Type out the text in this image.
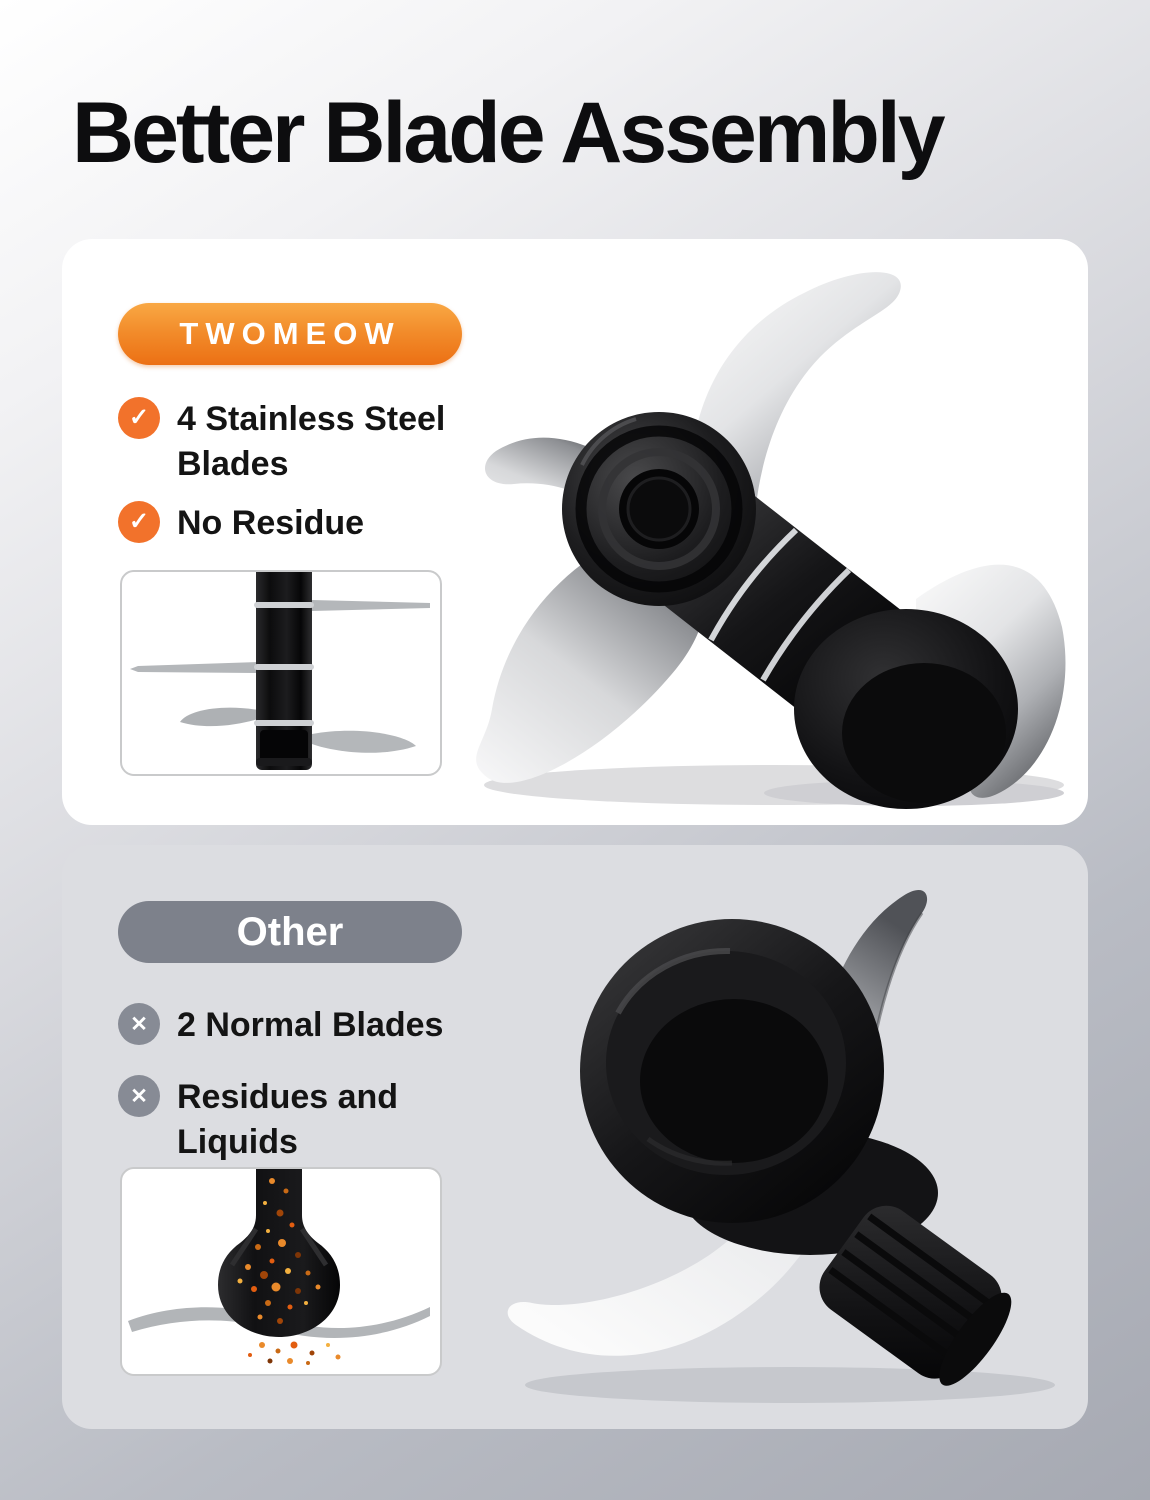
Better Blade Assembly
TWOMEOW
✓ 4 Stainless Steel Blades
✓ No Residue
Other
✕ 2 Normal Blades
✕ Residues and Liquids
